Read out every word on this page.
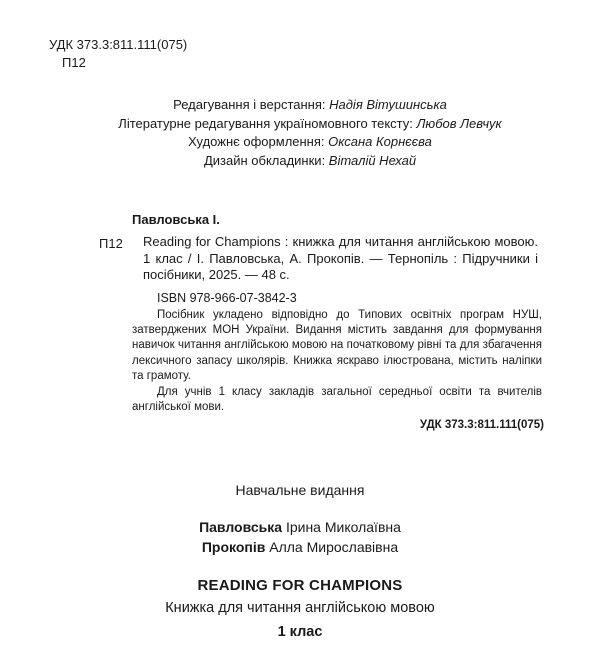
УДК 373.3:811.111(075)
П12
Редагування і верстання: Надія Вітушинська
Літературне редагування україномовного тексту: Любов Левчук
Художнє оформлення: Оксана Корнєєва
Дизайн обкладинки: Віталій Нехай
Павловська І.
П12 Reading for Champions : книжка для читання англійською мовою. 1 клас / І. Павловська, А. Прокопів. — Тернопіль : Підручники і посібники, 2025. — 48 с.

ISBN 978-966-07-3842-3

Посібник укладено відповідно до Типових освітніх програм НУШ, затверджених МОН України. Видання містить завдання для формування навичок читання англійською мовою на початковому рівні та для збагачення лексичного запасу школярів. Книжка яскраво ілюстрована, містить наліпки та грамоту.

Для учнів 1 класу закладів загальної середньої освіти та вчителів англійської мови.

УДК 373.3:811.111(075)
Навчальне видання
Павловська Ірина Миколаївна
Прокопів Алла Мирославівна
READING FOR CHAMPIONS
Книжка для читання англійською мовою
1 клас
